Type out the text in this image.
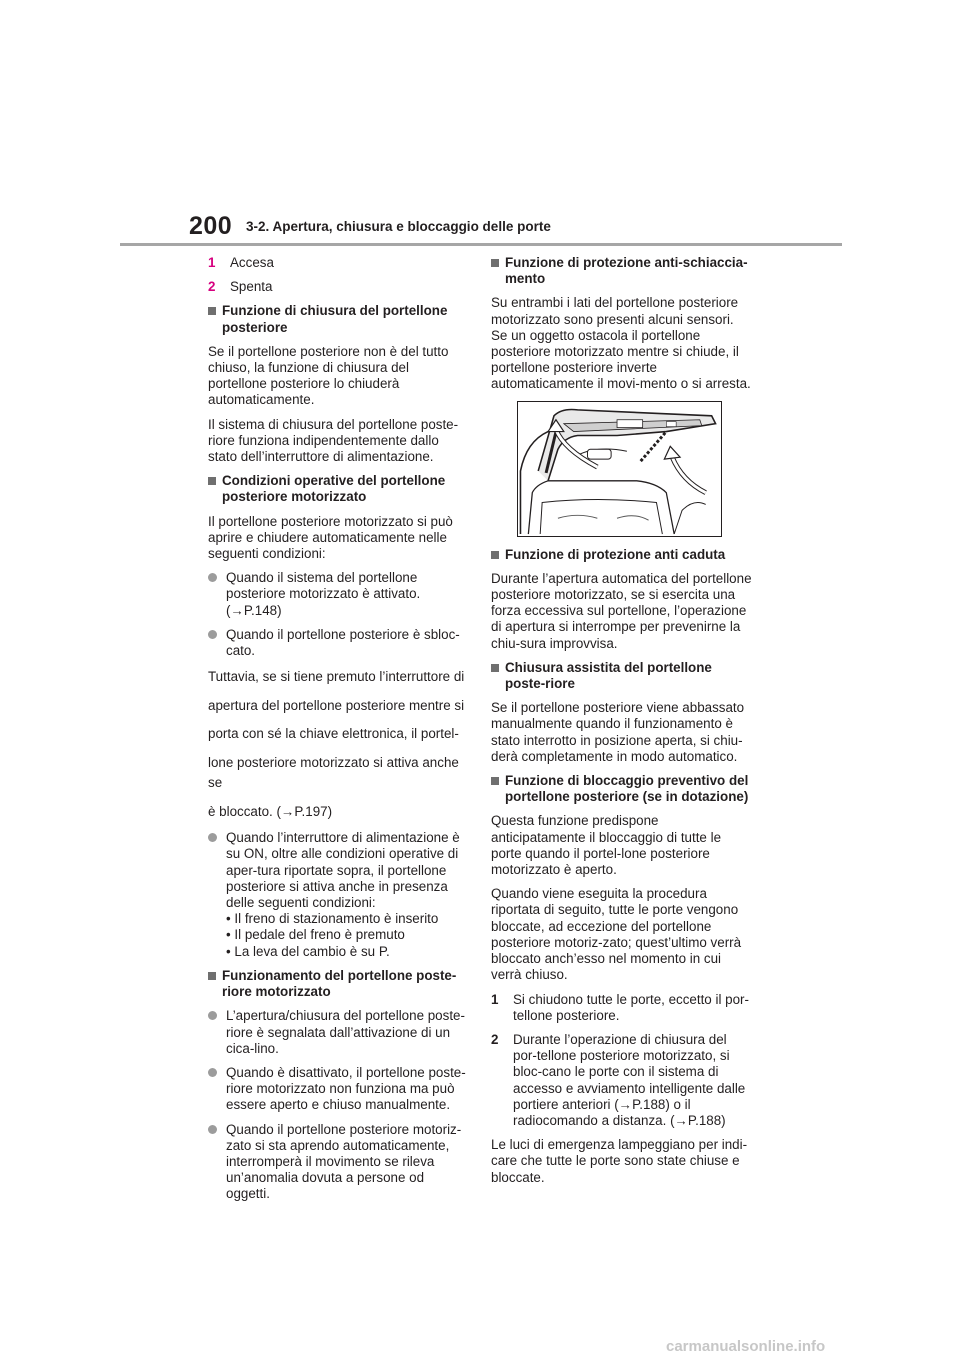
200 3-2. Apertura, chiusura e bloccaggio delle porte
1	Accesa
2	Spenta
Funzione di chiusura del portellone posteriore

Se il portellone posteriore non è del tutto chiuso, la funzione di chiusura del portellone posteriore lo chiuderà automaticamente.

Il sistema di chiusura del portellone poste-riore funziona indipendentemente dallo stato dell’interruttore di alimentazione.

Condizioni operative del portellone posteriore motorizzato

Il portellone posteriore motorizzato si può aprire e chiudere automaticamente nelle seguenti condizioni:

Quando il sistema del portellone posteriore motorizzato è attivato. (→P.148)
Quando il portellone posteriore è sbloc-cato.

Tuttavia, se si tiene premuto l’interruttore di

apertura del portellone posteriore mentre si

porta con sé la chiave elettronica, il portel-

lone posteriore motorizzato si attiva anche se

è bloccato. (→P.197)

Quando l’interruttore di alimentazione è su ON, oltre alle condizioni operative di aper-tura riportate sopra, il portellone posteriore si attiva anche in presenza delle seguenti condizioni:
• Il freno di stazionamento è inserito
• Il pedale del freno è premuto
• La leva del cambio è su P.
Funzionamento del portellone poste-riore motorizzato
L’apertura/chiusura del portellone poste-riore è segnalata dall’attivazione di un cica-lino.
Quando è disattivato, il portellone poste-riore motorizzato non funziona ma può essere aperto e chiuso manualmente.
Quando il portellone posteriore motoriz-zato si sta aprendo automaticamente, interromperà il movimento se rileva un’anomalia dovuta a persone od oggetti.
Funzione di protezione anti-schiaccia-mento

Su entrambi i lati del portellone posteriore motorizzato sono presenti alcuni sensori. Se un oggetto ostacola il portellone posteriore motorizzato mentre si chiude, il portellone posteriore inverte automaticamente il movi-mento o si arresta.

Funzione di protezione anti caduta

Durante l’apertura automatica del portellone posteriore motorizzato, se si esercita una forza eccessiva sul portellone, l’operazione di apertura si interrompe per prevenirne la chiu-sura improvvisa.

Chiusura assistita del portellone poste-riore

Se il portellone posteriore viene abbassato manualmente quando il funzionamento è stato interrotto in posizione aperta, si chiu-derà completamente in modo automatico.

Funzione di bloccaggio preventivo del portellone posteriore (se in dotazione)

Questa funzione predispone anticipatamente il bloccaggio di tutte le porte quando il portel-lone posteriore motorizzato è aperto.

Quando viene eseguita la procedura riportata di seguito, tutte le porte vengono bloccate, ad eccezione del portellone posteriore motoriz-zato; quest’ultimo verrà bloccato anch’esso nel momento in cui verrà chiuso.

1	Si chiudono tutte le porte, eccetto il por-tellone posteriore.
2	Durante l’operazione di chiusura del por-tellone posteriore motorizzato, si bloc-cano le porte con il sistema di accesso e avviamento intelligente dalle portiere anteriori (→P.188) o il radiocomando a distanza. (→P.188)

Le luci di emergenza lampeggiano per indi-care che tutte le porte sono state chiuse e bloccate.

carmanualsonline.info
